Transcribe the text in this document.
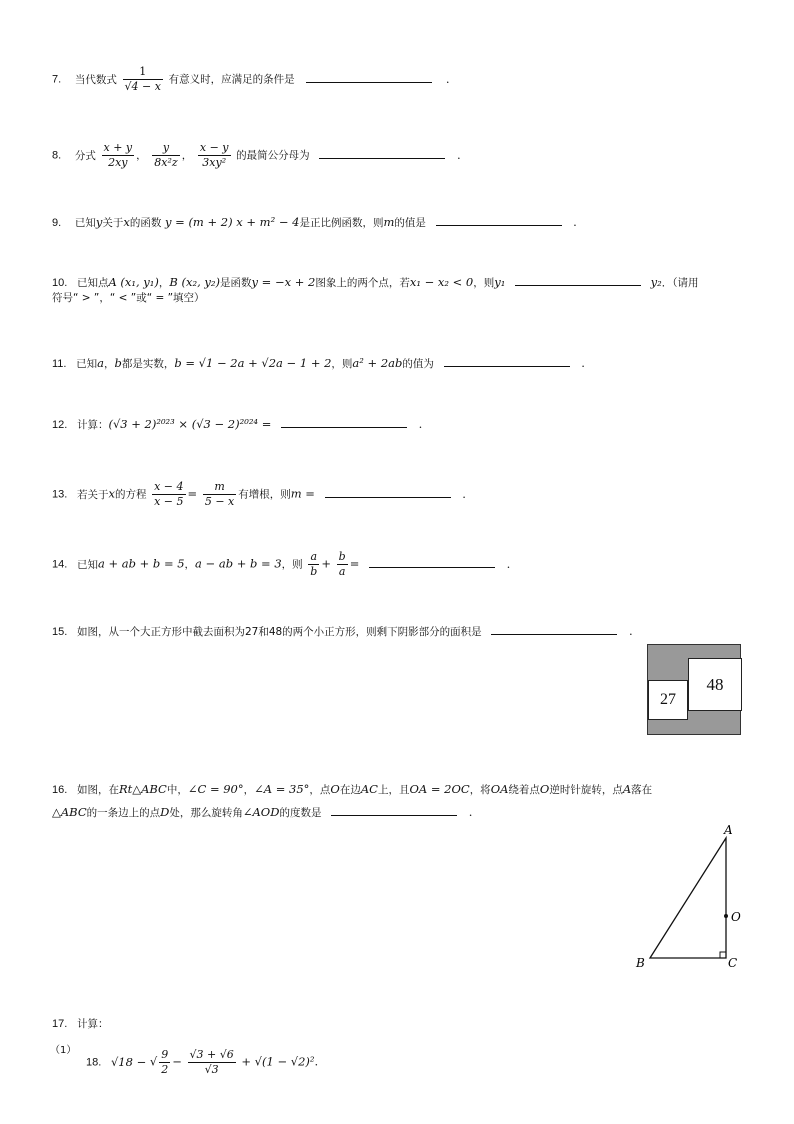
7. 当代数式 $\frac{1}{√4 - x}$ 有意义时，应满足的条件是	.
8. 分式 $\frac{x + y}{2xy}$ ， $\frac{y}{\text{8x²z}}$ ， $\frac{x - y}{\text{3xy²}}$ 的最简公分母为	.
9. 已知y关于x的函数 y = (m + 2) x + m² − 4是正比例函数，则m的值是	.
10. 已知点A (x₁, y₁)，B (x₂, y₂)是函数y = −x + 2图象上的两个点，若x₁ − x₂ < 0，则y₁	y₂．（请用
符号“ > ”，“ < ”或“ = ”填空）
11. 已知a，b都是实数，b = √1 − 2a + √2a − 1 + 2，则a² + 2ab的值为	.
12. 计算：(√3 + 2)²⁰²³ × (√3 − 2)²⁰²⁴ =	.
13. 若关于x的方程 $\frac{x - 4}{x - 5} = \frac{m}{5 - x}$ 有增根，则m =	.
14. 已知a + ab + b = 5，a − ab + b = 3，则 $\frac{a}{b} + \frac{b}{a}$ =	.
15. 如图，从一个大正方形中截去面积为27和48的两个小正方形，则剩下阴影部分的面积是	.
48
27
16. 如图，在Rt△ABC中，∠C = 90°，∠A = 35°，点O在边AC上，且OA = 2OC，将OA绕着点O逆时针旋转，点A落在
△ABC的一条边上的点D处，那么旋转角∠AOD的度数是	.
A
B	C
O
17. 计算：
（1）
18. √18 − √ $\frac{9}{2} - \frac{√3 + √6}{√3} + √(1 - √2)^2$.
